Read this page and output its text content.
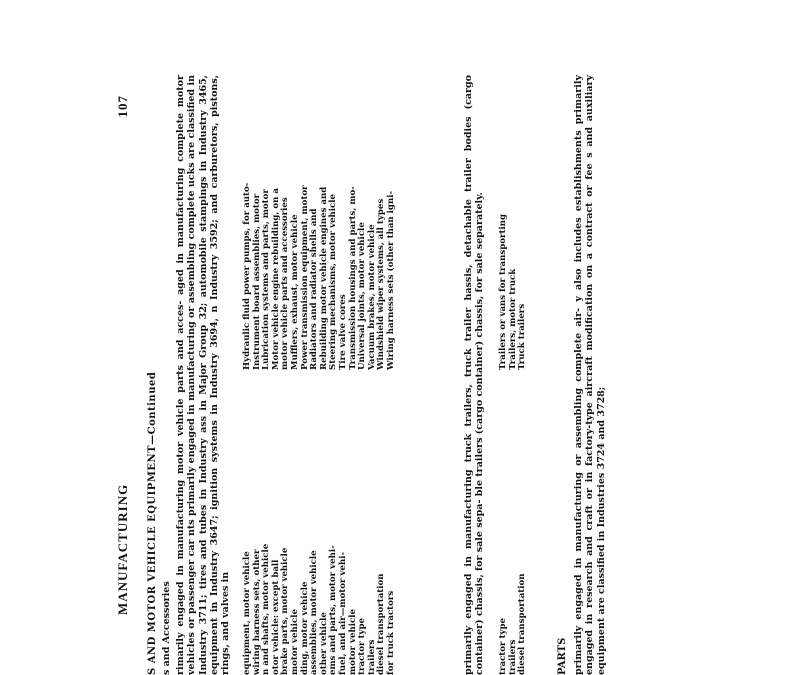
MANUFACTURING
107
S AND MOTOR VEHICLE EQUIPMENT—Continued s and Accessories rimarily engaged in manufacturing motor vehicle parts and acces- aged in manufacturing complete motor vehicles or passenger car nts primarily engaged in manufacturing or assembling complete ucks are classified in Industry 3711; tires and tubes in Industry ass in Major Group 32; automobile stampings in Industry 3465, equipment in Industry 3647; ignition systems in Industry 3694, n Industry 3592; and carburetors, pistons, rings, and valves in equipment, motor vehicle wiring harness sets, other n and shafts, motor vehicle otor vehicle: except ball brake parts, motor vehicle motor vehicle ding, motor vehicle assemblies, motor vehicle other vehicle ems and parts, motor vehi- fuel, and air—motor vehi- motor vehicle tractor type trailers diesel transportation for truck tractors
Hydraulic fluid power pumps, for auto- Instrument board assemblies, motor Lubrication systems and parts, motor Motor vehicle engine rebuilding, on a motor vehicle parts and accessories Mufflers, exhaust, motor vehicle Power transmission equipment, motor Radiators and radiator shells and Rebuilding motor vehicle engines and Steering mechanisms, motor vehicle Tire valve cores Transmission housings and parts, mo- Universal joints, motor vehicle Vacuum brakes, motor vehicle Windshield wiper systems, all types Wiring harness sets (other than igni-	primarily engaged in manufacturing truck trailers, truck trailer hassis, detachable trailer bodies (cargo container) chassis, for sale sepa- ble trailers (cargo container) chassis, for sale separately. tractor type trailers diesel transportation
Trailers or vans for transporting Trailers, motor truck Truck trailers
PARTS primarily engaged in manufacturing or assembling complete air- y also includes establishments primarily engaged in research and craft or in factory-type aircraft modification on a contract or fee s and auxiliary equipment are classified in Industries 3724 and 3728;
